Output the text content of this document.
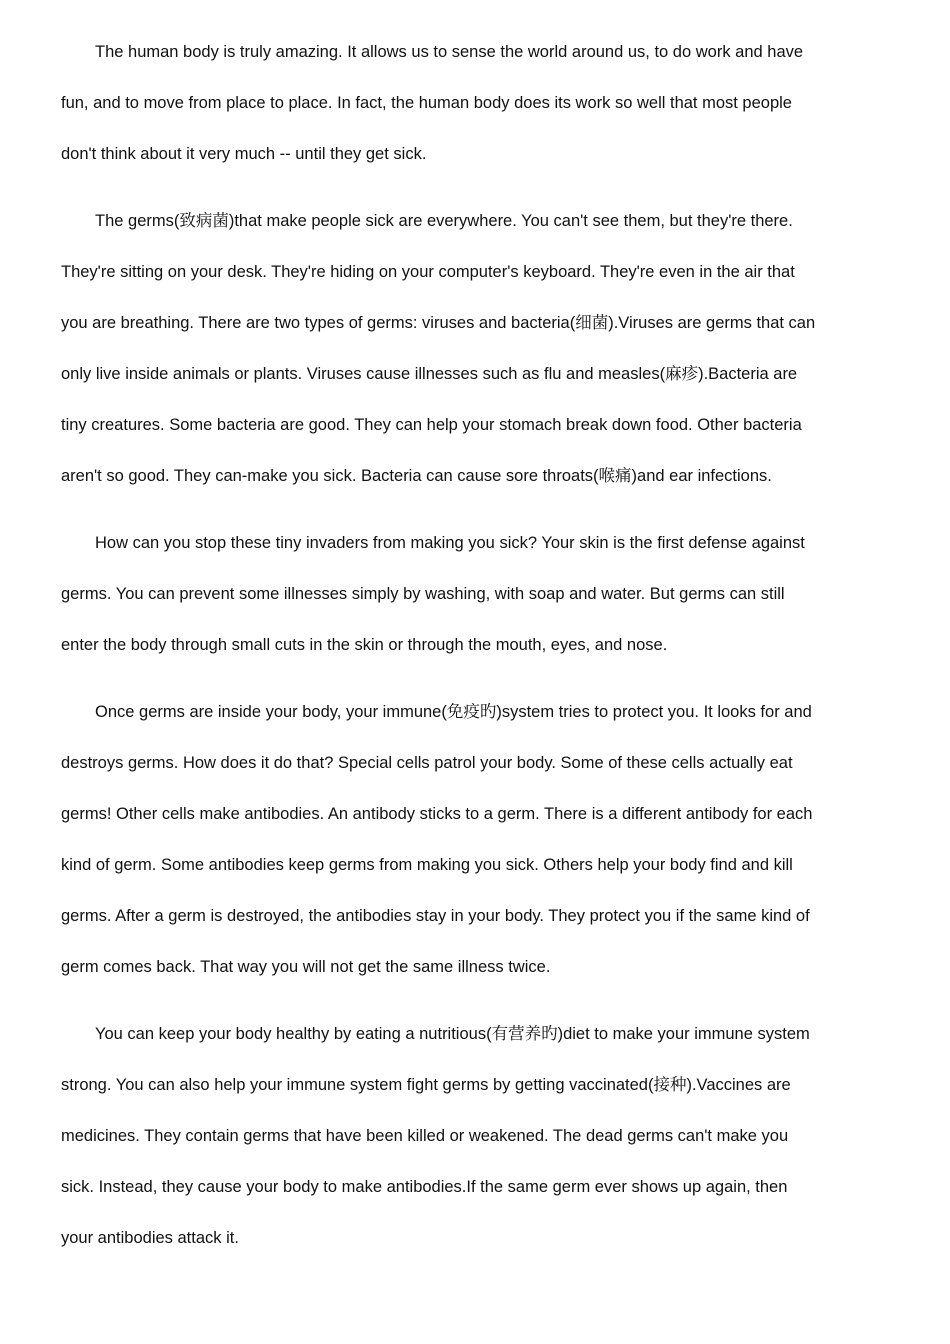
The human body is truly amazing. It allows us to sense the world around us, to do work and have fun, and to move from place to place. In fact, the human body does its work so well that most people don't think about it very much -- until they get sick.

The germs(致病菌)that make people sick are everywhere. You can't see them, but they're there. They're sitting on your desk. They're hiding on your computer's keyboard. They're even in the air that you are breathing. There are two types of germs: viruses and bacteria(细菌).Viruses are germs that can only live inside animals or plants. Viruses cause illnesses such as flu and measles(麻疹).Bacteria are tiny creatures. Some bacteria are good. They can help your stomach break down food. Other bacteria aren't so good. They can-make you sick. Bacteria can cause sore throats(喉痛)and ear infections.

How can you stop these tiny invaders from making you sick? Your skin is the first defense against germs. You can prevent some illnesses simply by washing, with soap and water. But germs can still enter the body through small cuts in the skin or through the mouth, eyes, and nose.

Once germs are inside your body, your immune(免疫旳)system tries to protect you. It looks for and destroys germs. How does it do that? Special cells patrol your body. Some of these cells actually eat germs! Other cells make antibodies. An antibody sticks to a germ. There is a different antibody for each kind of germ. Some antibodies keep germs from making you sick. Others help your body find and kill germs. After a germ is destroyed, the antibodies stay in your body. They protect you if the same kind of germ comes back. That way you will not get the same illness twice.

You can keep your body healthy by eating a nutritious(有营养旳)diet to make your immune system strong. You can also help your immune system fight germs by getting vaccinated(接种).Vaccines are medicines. They contain germs that have been killed or weakened. The dead germs can't make you sick. Instead, they cause your body to make antibodies.If the same germ ever shows up again, then your antibodies attack it.
